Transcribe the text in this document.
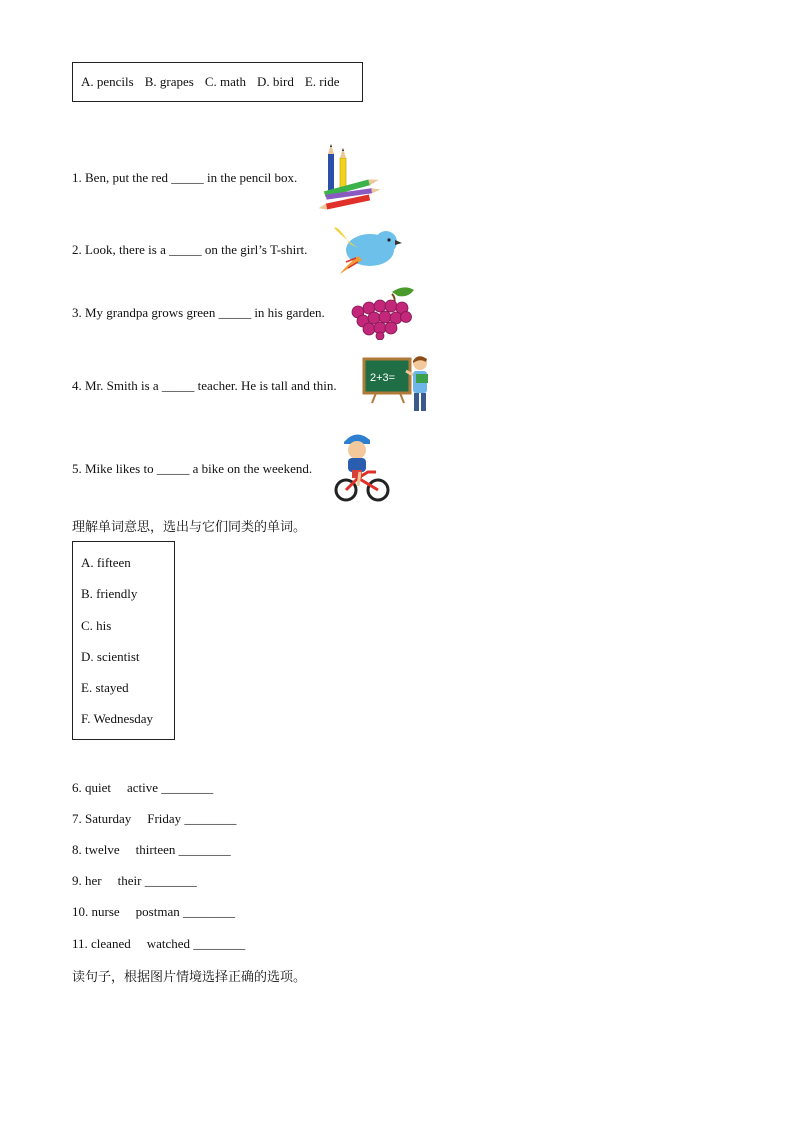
A. pencils B. grapes C. math D. bird E. ride
1. Ben, put the red _____ in the pencil box.
2. Look, there is a _____ on the girl’s T-shirt.
3. My grandpa grows green _____ in his garden.
4. Mr. Smith is a _____ teacher. He is tall and thin.	2+3=
5. Mike likes to _____ a bike on the weekend.
理解单词意思，选出与它们同类的单词。
A. fifteen
B. friendly
C. his
D. scientist
E. stayed
F. Wednesday
6. quiet active ________
7. Saturday Friday ________
8. twelve thirteen ________
9. her their ________
10. nurse postman ________
11. cleaned watched ________
读句子，根据图片情境选择正确的选项。
